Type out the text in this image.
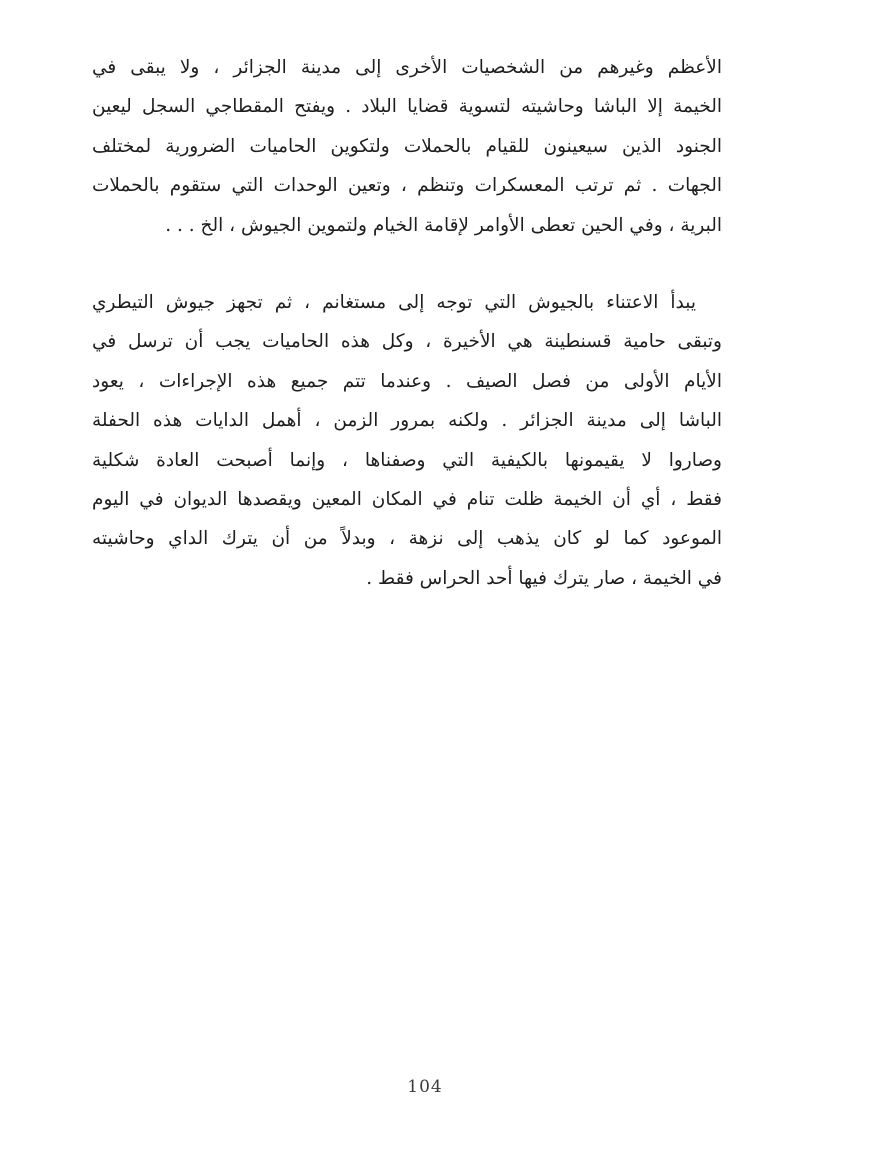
الأعظم وغيرهم من الشخصيات الأخرى إلى مدينة الجزائر ، ولا يبقى في
الخيمة إلا الباشا وحاشيته لتسوية قضايا البلاد . ويفتح المقطاجي السجل ليعين
الجنود الذين سيعينون للقيام بالحملات ولتكوين الحاميات الضرورية لمختلف
الجهات . ثم ترتب المعسكرات وتنظم ، وتعين الوحدات التي ستقوم بالحملات
البرية ، وفي الحين تعطى الأوامر لإقامة الخيام ولتموين الجيوش ، الخ . . .
يبدأ الاعتناء بالجيوش التي توجه إلى مستغانم ، ثم تجهز جيوش التيطري
وتبقى حامية قسنطينة هي الأخيرة ، وكل هذه الحاميات يجب أن ترسل في
الأيام الأولى من فصل الصيف . وعندما تتم جميع هذه الإجراءات ، يعود
الباشا إلى مدينة الجزائر . ولكنه بمرور الزمن ، أهمل الدايات هذه الحفلة
وصاروا لا يقيمونها بالكيفية التي وصفناها ، وإنما أصبحت العادة شكلية
فقط ، أي أن الخيمة ظلت تنام في المكان المعين ويقصدها الديوان في اليوم
الموعود كما لو كان يذهب إلى نزهة ، وبدلاً من أن يترك الداي وحاشيته
في الخيمة ، صار يترك فيها أحد الحراس فقط .
104
